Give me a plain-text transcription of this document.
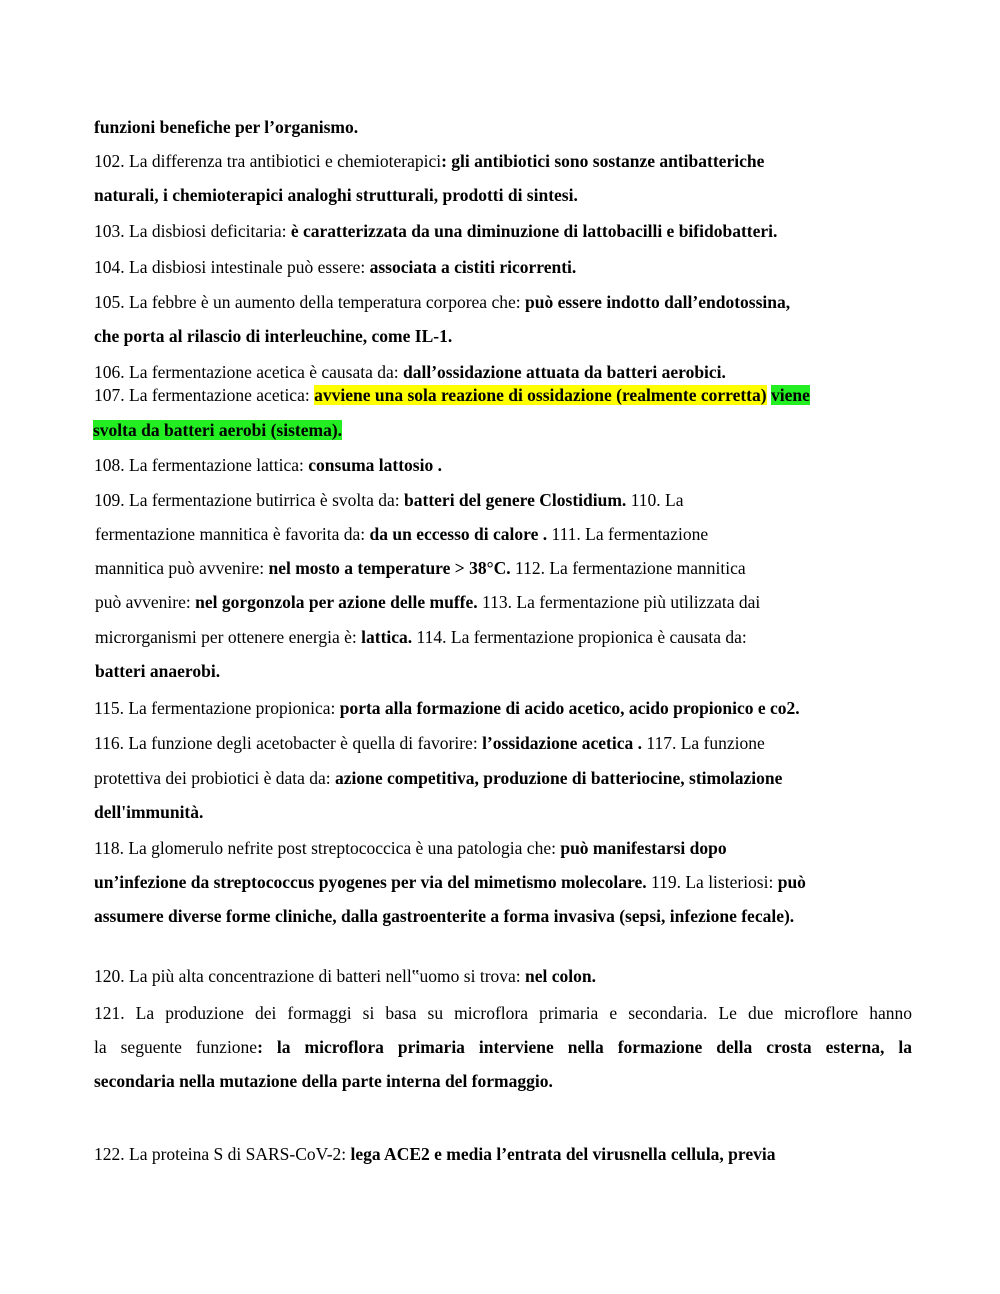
funzioni benefiche per l’organismo.
102. La differenza tra antibiotici e chemioterapici: gli antibiotici sono sostanze antibatteriche
naturali, i chemioterapici analoghi strutturali, prodotti di sintesi.
103. La disbiosi deficitaria: è caratterizzata da una diminuzione di lattobacilli e bifidobatteri.
104. La disbiosi intestinale può essere: associata a cistiti ricorrenti.
105. La febbre è un aumento della temperatura corporea che: può essere indotto dall’endotossina,
che porta al rilascio di interleuchine, come IL-1.
106. La fermentazione acetica è causata da: dall’ossidazione attuata da batteri aerobici.
107. La fermentazione acetica: avviene una sola reazione di ossidazione (realmente corretta) viene
svolta da batteri aerobi (sistema).
108. La fermentazione lattica: consuma lattosio .
109. La fermentazione butirrica è svolta da: batteri del genere Clostidium. 110. La
fermentazione mannitica è favorita da: da un eccesso di calore . 111. La fermentazione
mannitica può avvenire: nel mosto a temperature > 38°C. 112. La fermentazione mannitica
può avvenire: nel gorgonzola per azione delle muffe. 113. La fermentazione più utilizzata dai
microrganismi per ottenere energia è: lattica. 114. La fermentazione propionica è causata da:
batteri anaerobi.
115. La fermentazione propionica: porta alla formazione di acido acetico, acido propionico e co2.
116. La funzione degli acetobacter è quella di favorire: l’ossidazione acetica . 117. La funzione
protettiva dei probiotici è data da: azione competitiva, produzione di batteriocine, stimolazione
dell'immunità.
118. La glomerulo nefrite post streptococcica è una patologia che: può manifestarsi dopo
un’infezione da streptococcus pyogenes per via del mimetismo molecolare. 119. La listeriosi: può
assumere diverse forme cliniche, dalla gastroenterite a forma invasiva (sepsi, infezione fecale).
120. La più alta concentrazione di batteri nell‟uomo si trova: nel colon.
121. La produzione dei formaggi si basa su microflora primaria e secondaria. Le due microflore hanno
la seguente funzione: la microflora primaria interviene nella formazione della crosta esterna, la
secondaria nella mutazione della parte interna del formaggio.
122. La proteina S di SARS-CoV-2: lega ACE2 e media l’entrata del virusnella cellula, previa
